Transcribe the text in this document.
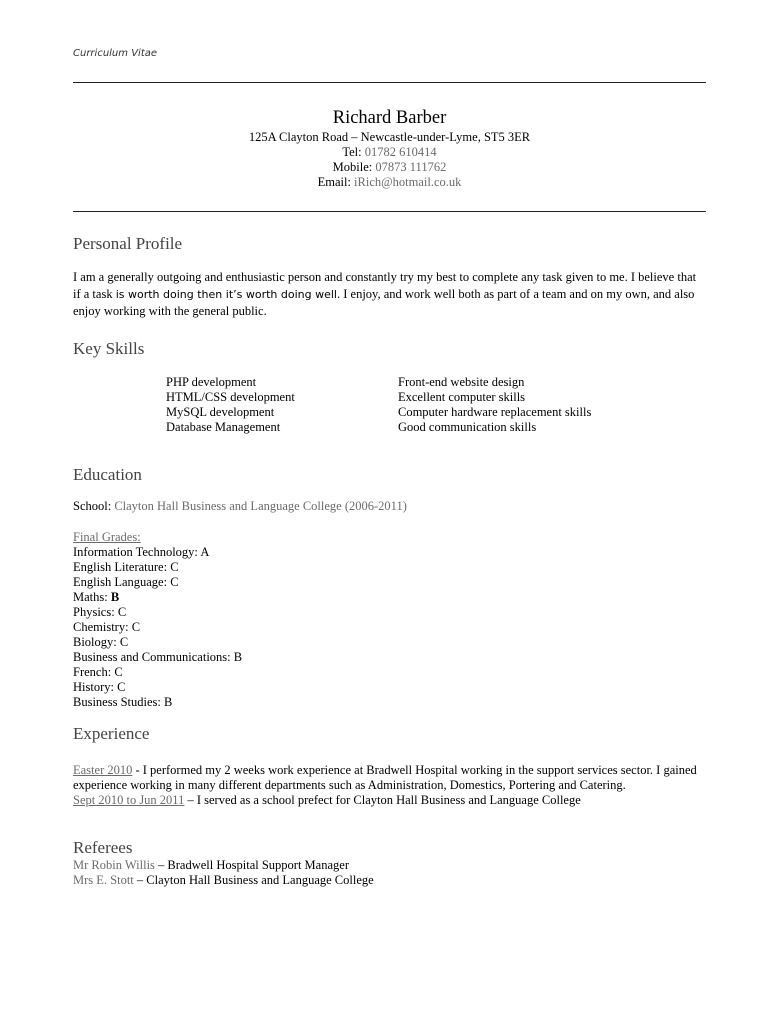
Curriculum Vitae
Richard Barber
125A Clayton Road – Newcastle-under-Lyme, ST5 3ER
Tel: 01782 610414
Mobile: 07873 111762
Email: iRich@hotmail.co.uk
Personal Profile
I am a generally outgoing and enthusiastic person and constantly try my best to complete any task given to me. I believe that if a task is worth doing then it’s worth doing well. I enjoy, and work well both as part of a team and on my own, and also enjoy working with the general public.
Key Skills
PHP development
HTML/CSS development
MySQL development
Database Management
Front-end website design
Excellent computer skills
Computer hardware replacement skills
Good communication skills
Education
School: Clayton Hall Business and Language College (2006-2011)
Final Grades:
Information Technology: A
English Literature: C
English Language: C
Maths: B
Physics: C
Chemistry: C
Biology: C
Business and Communications: B
French: C
History: C
Business Studies: B
Experience
Easter 2010 - I performed my 2 weeks work experience at Bradwell Hospital working in the support services sector. I gained experience working in many different departments such as Administration, Domestics, Portering and Catering.
Sept 2010 to Jun 2011 – I served as a school prefect for Clayton Hall Business and Language College
Referees
Mr Robin Willis – Bradwell Hospital Support Manager
Mrs E. Stott – Clayton Hall Business and Language College
